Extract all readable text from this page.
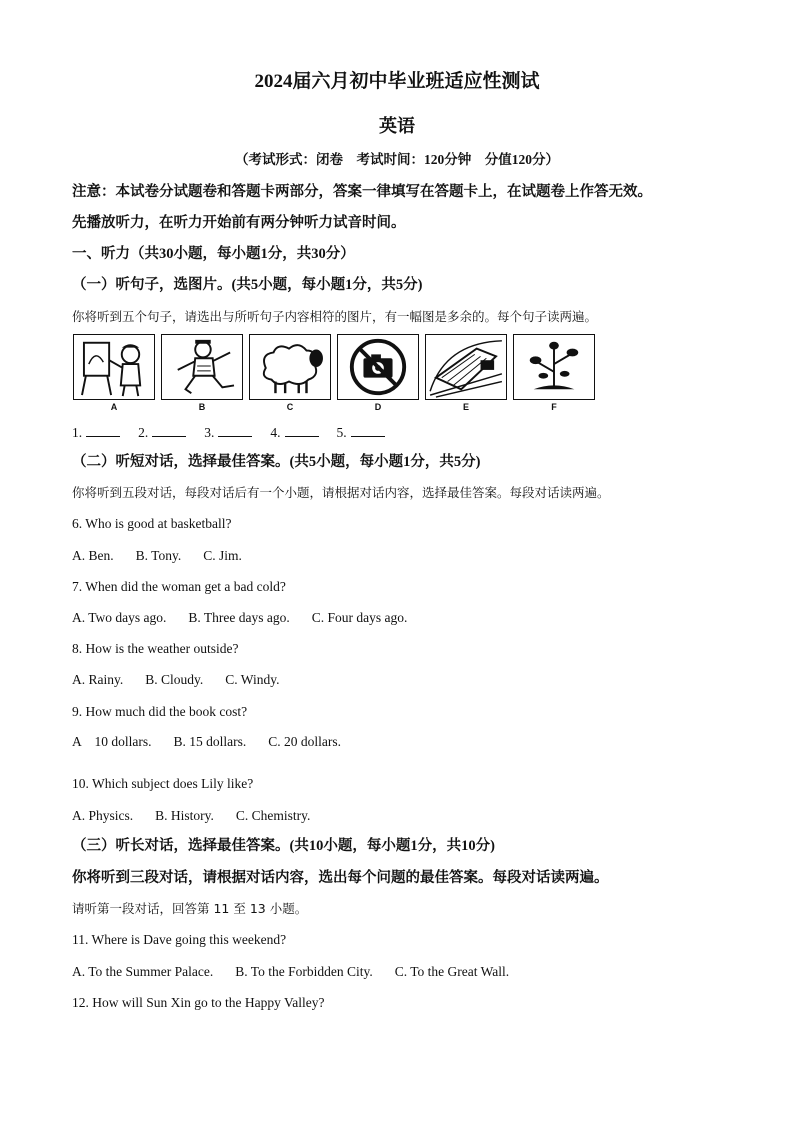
2024届六月初中毕业班适应性测试
英语
（考试形式：闭卷　考试时间：120分钟　分值120分）
注意：本试卷分试题卷和答题卡两部分，答案一律填写在答题卡上，在试题卷上作答无效。
先播放听力，在听力开始前有两分钟听力试音时间。
一、听力（共30小题，每小题1分，共30分）
（一）听句子，选图片。(共5小题，每小题1分，共5分)
你将听到五个句子，请选出与所听句子内容相符的图片，有一幅图是多余的。每个句子读两遍。
A	B	C	D	E	F
1.	2.	3.	4.	5.
（二）听短对话，选择最佳答案。(共5小题，每小题1分，共5分)
你将听到五段对话，每段对话后有一个小题，请根据对话内容，选择最佳答案。每段对话读两遍。
6. Who is good at basketball?
A. Ben. B. Tony. C. Jim.
7. When did the woman get a bad cold?
A. Two days ago. B. Three days ago. C. Four days ago.
8. How is the weather outside?
A. Rainy. B. Cloudy. C. Windy.
9. How much did the book cost?
A　10 dollars. B. 15 dollars. C. 20 dollars.
10. Which subject does Lily like?
A. Physics. B. History. C. Chemistry.
（三）听长对话，选择最佳答案。(共10小题，每小题1分，共10分)
你将听到三段对话，请根据对话内容，选出每个问题的最佳答案。每段对话读两遍。
请听第一段对话，回答第 11 至 13 小题。
11. Where is Dave going this weekend?
A. To the Summer Palace. B. To the Forbidden City. C. To the Great Wall.
12. How will Sun Xin go to the Happy Valley?
